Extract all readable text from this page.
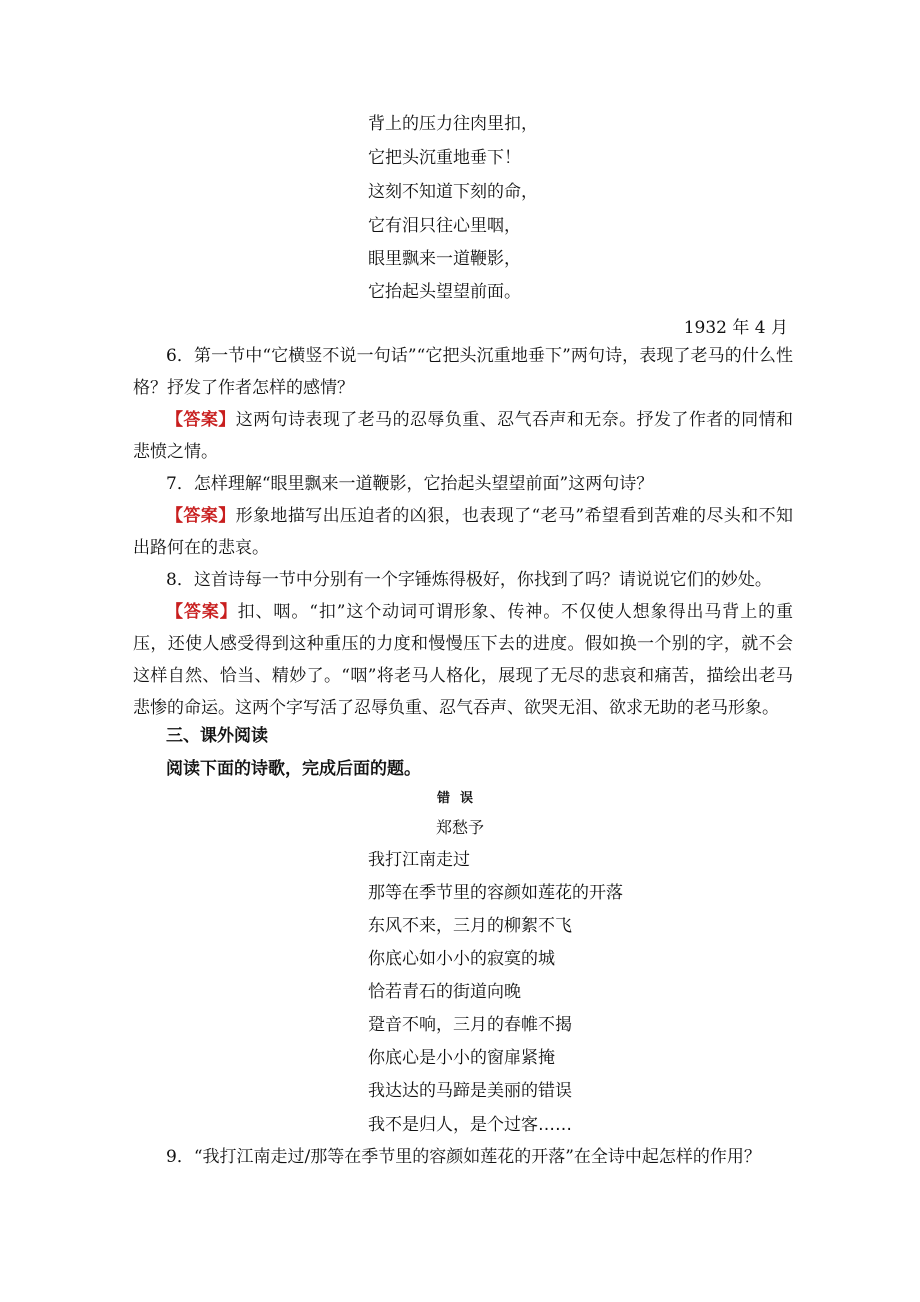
背上的压力往肉里扣，
它把头沉重地垂下！
这刻不知道下刻的命，
它有泪只往心里咽，
眼里飘来一道鞭影，
它抬起头望望前面。
1932 年 4 月
6．第一节中“它横竖不说一句话”“它把头沉重地垂下”两句诗，表现了老马的什么性格？抒发了作者怎样的感情？
【答案】这两句诗表现了老马的忍辱负重、忍气吞声和无奈。抒发了作者的同情和悲愤之情。
7．怎样理解“眼里飘来一道鞭影，它抬起头望望前面”这两句诗？
【答案】形象地描写出压迫者的凶狠，也表现了“老马”希望看到苦难的尽头和不知出路何在的悲哀。
8．这首诗每一节中分别有一个字锤炼得极好，你找到了吗？请说说它们的妙处。
【答案】扣、咽。“扣”这个动词可谓形象、传神。不仅使人想象得出马背上的重压，还使人感受得到这种重压的力度和慢慢压下去的进度。假如换一个别的字，就不会这样自然、恰当、精妙了。“咽”将老马人格化，展现了无尽的悲哀和痛苦，描绘出老马悲惨的命运。这两个字写活了忍辱负重、忍气吞声、欲哭无泪、欲求无助的老马形象。
三、课外阅读
阅读下面的诗歌，完成后面的题。
错误
郑愁予
我打江南走过
那等在季节里的容颜如莲花的开落
东风不来，三月的柳絮不飞
你底心如小小的寂寞的城
恰若青石的街道向晚
跫音不响，三月的春帷不揭
你底心是小小的窗扉紧掩
我达达的马蹄是美丽的错误
我不是归人，是个过客……
9．“我打江南走过/那等在季节里的容颜如莲花的开落”在全诗中起怎样的作用？
